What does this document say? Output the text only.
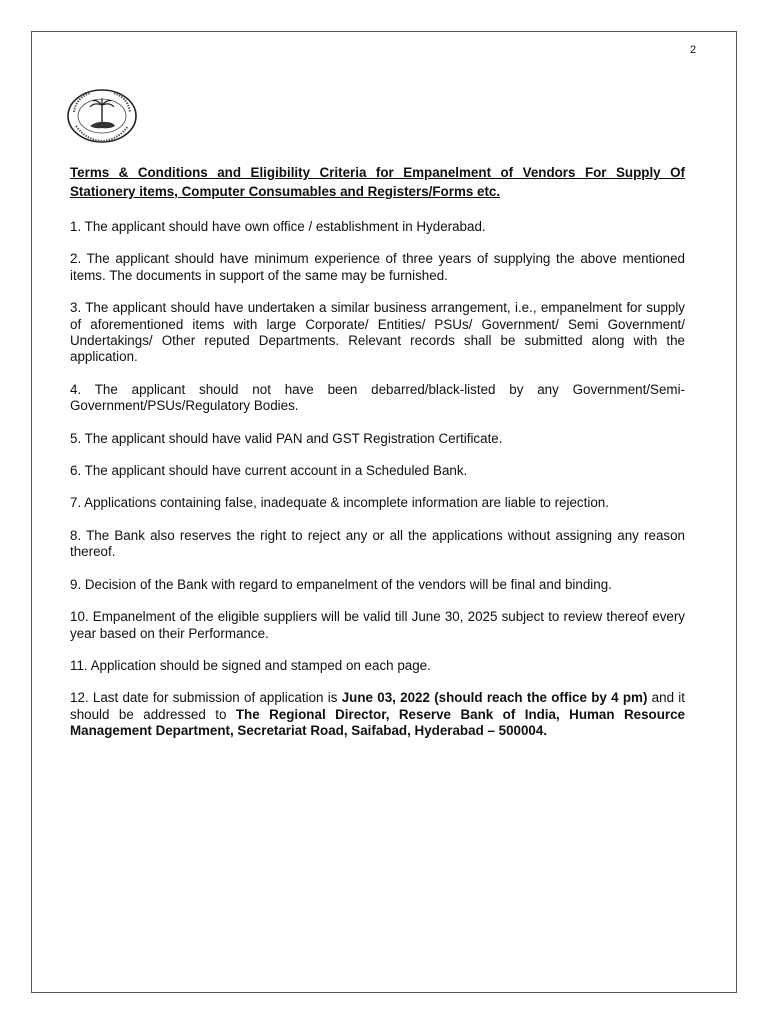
2

Terms & Conditions and Eligibility Criteria for Empanelment of Vendors For Supply Of Stationery items, Computer Consumables and Registers/Forms etc.

1. The applicant should have own office / establishment in Hyderabad.

2. The applicant should have minimum experience of three years of supplying the above mentioned items. The documents in support of the same may be furnished.

3. The applicant should have undertaken a similar business arrangement, i.e., empanelment for supply of aforementioned items with large Corporate/ Entities/ PSUs/ Government/ Semi Government/ Undertakings/ Other reputed Departments. Relevant records shall be submitted along with the application.

4. The applicant should not have been debarred/black-listed by any Government/Semi-Government/PSUs/Regulatory Bodies.

5. The applicant should have valid PAN and GST Registration Certificate.

6. The applicant should have current account in a Scheduled Bank.

7. Applications containing false, inadequate & incomplete information are liable to rejection.

8. The Bank also reserves the right to reject any or all the applications without assigning any reason thereof.

9. Decision of the Bank with regard to empanelment of the vendors will be final and binding.

10. Empanelment of the eligible suppliers will be valid till June 30, 2025 subject to review thereof every year based on their Performance.

11. Application should be signed and stamped on each page.

12. Last date for submission of application is June 03, 2022 (should reach the office by 4 pm) and it should be addressed to The Regional Director, Reserve Bank of India, Human Resource Management Department, Secretariat Road, Saifabad, Hyderabad – 500004.
